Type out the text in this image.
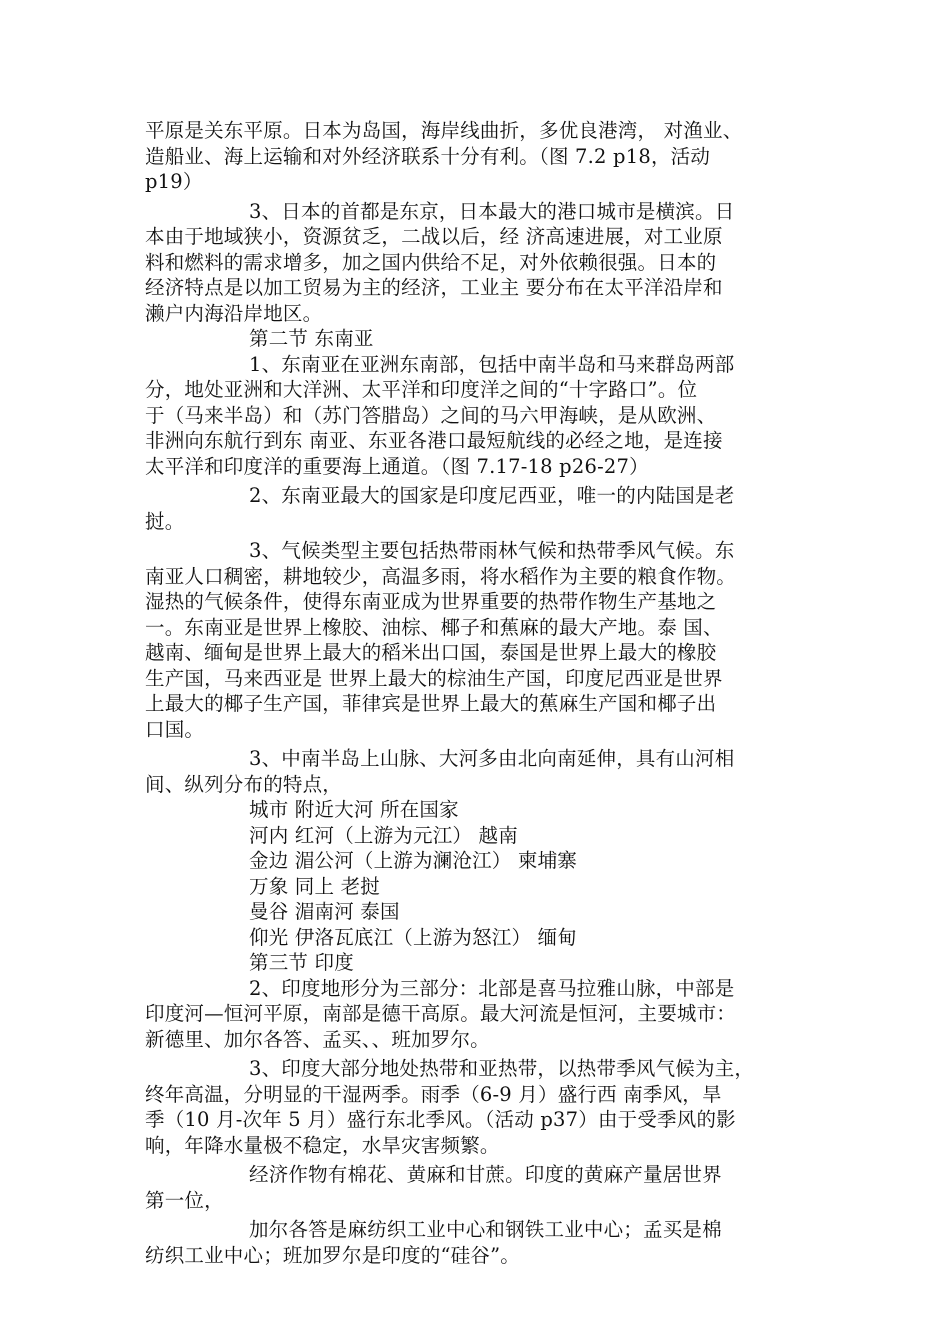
平原是关东平原。日本为岛国，海岸线曲折，多优良港湾， 对渔业、
造船业、海上运输和对外经济联系十分有利。（图 7.2 p18，活动
p19）
3、日本的首都是东京，日本最大的港口城市是横滨。日
本由于地域狭小，资源贫乏，二战以后，经 济高速进展，对工业原
料和燃料的需求增多，加之国内供给不足，对外依赖很强。日本的
经济特点是以加工贸易为主的经济，工业主 要分布在太平洋沿岸和
濑户内海沿岸地区。
第二节 东南亚
1、东南亚在亚洲东南部，包括中南半岛和马来群岛两部
分，地处亚洲和大洋洲、太平洋和印度洋之间的“十字路口”。位
于（马来半岛）和（苏门答腊岛）之间的马六甲海峡，是从欧洲、
非洲向东航行到东 南亚、东亚各港口最短航线的必经之地，是连接
太平洋和印度洋的重要海上通道。（图 7.17-18 p26-27）
2、东南亚最大的国家是印度尼西亚，唯一的内陆国是老
挝。
3、气候类型主要包括热带雨林气候和热带季风气候。东
南亚人口稠密，耕地较少，高温多雨，将水稻作为主要的粮食作物。
湿热的气候条件，使得东南亚成为世界重要的热带作物生产基地之
一。东南亚是世界上橡胶、油棕、椰子和蕉麻的最大产地。泰 国、
越南、缅甸是世界上最大的稻米出口国，泰国是世界上最大的橡胶
生产国，马来西亚是 世界上最大的棕油生产国，印度尼西亚是世界
上最大的椰子生产国，菲律宾是世界上最大的蕉麻生产国和椰子出
口国。
3、中南半岛上山脉、大河多由北向南延伸，具有山河相
间、纵列分布的特点，
城市 附近大河 所在国家
河内 红河（上游为元江） 越南
金边 湄公河（上游为澜沧江） 柬埔寨
万象 同上 老挝
曼谷 湄南河 泰国
仰光 伊洛瓦底江（上游为怒江） 缅甸
第三节 印度
2、印度地形分为三部分：北部是喜马拉雅山脉，中部是
印度河—恒河平原，南部是德干高原。最大河流是恒河，主要城市：
新德里、加尔各答、孟买、、班加罗尔。
3、印度大部分地处热带和亚热带，以热带季风气候为主，
终年高温，分明显的干湿两季。雨季（6-9 月）盛行西 南季风，旱
季（10 月-次年 5 月）盛行东北季风。（活动 p37）由于受季风的影
响，年降水量极不稳定，水旱灾害频繁。
经济作物有棉花、黄麻和甘蔗。印度的黄麻产量居世界
第一位，
加尔各答是麻纺织工业中心和钢铁工业中心；孟买是棉
纺织工业中心；班加罗尔是印度的“硅谷”。
